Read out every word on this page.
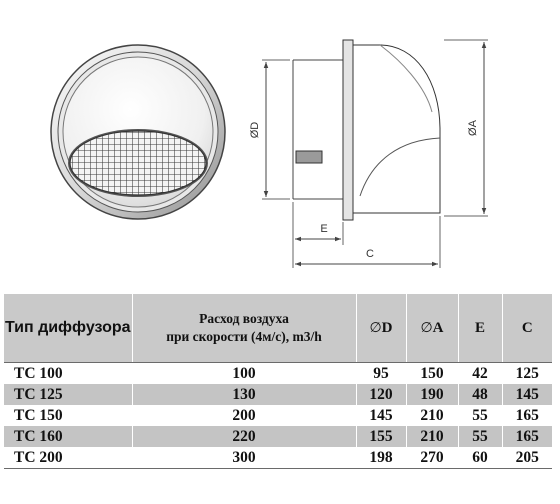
ØD	ØA
E
C
Тип диффузора	Расход воздуха
при скорости (4м/с), m3/h	∅D	∅A	E	C
TC 100	100	95	150	42	125
TC 125	130	120	190	48	145
TC 150	200	145	210	55	165
TC 160	220	155	210	55	165
TC 200	300	198	270	60	205
